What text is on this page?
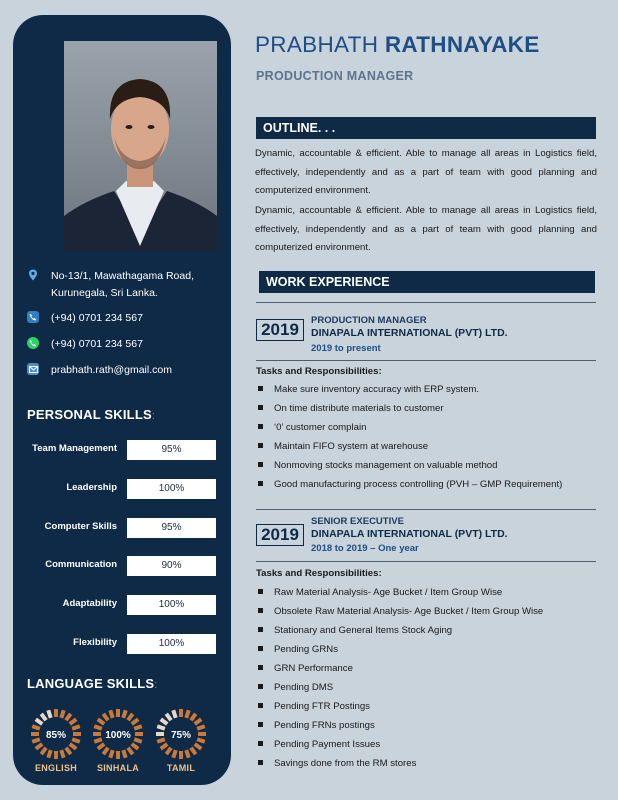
No-13/1, Mawathagama Road,
Kurunegala, Sri Lanka.
(+94) 0701 234 567
(+94) 0701 234 567
prabhath.rath@gmail.com
PERSONAL SKILLS:
Team Management	95%
Leadership	100%
Computer Skills	95%
Communication	90%
Adaptability	100%
Flexibility	100%
LANGUAGE SKILLS:
85%
ENGLISH
100%
SINHALA
75%
TAMIL
PRABHATH RATHNAYAKE
PRODUCTION MANAGER
OUTLINE. . .
Dynamic, accountable & efficient. Able to manage all areas in Logistics field, effectively, independently and as a part of team with good planning and computerized environment.
Dynamic, accountable & efficient. Able to manage all areas in Logistics field, effectively, independently and as a part of team with good planning and computerized environment.
WORK EXPERIENCE
2019	PRODUCTION MANAGER
DINAPALA INTERNATIONAL (PVT) LTD.
2019 to present
Tasks and Responsibilities:
Make sure inventory accuracy with ERP system.
On time distribute materials to customer
‘0’ customer complain
Maintain FIFO system at warehouse
Nonmoving stocks management on valuable method
Good manufacturing process controlling (PVH – GMP Requirement)
2019
SENIOR EXECUTIVE
DINAPALA INTERNATIONAL (PVT) LTD.
2018 to 2019 – One year
Tasks and Responsibilities:
Raw Material Analysis- Age Bucket / Item Group Wise
Obsolete Raw Material Analysis- Age Bucket / Item Group Wise
Stationary and General Items Stock Aging
Pending GRNs
GRN Performance
Pending DMS
Pending FTR Postings
Pending FRNs postings
Pending Payment Issues
Savings done from the RM stores
